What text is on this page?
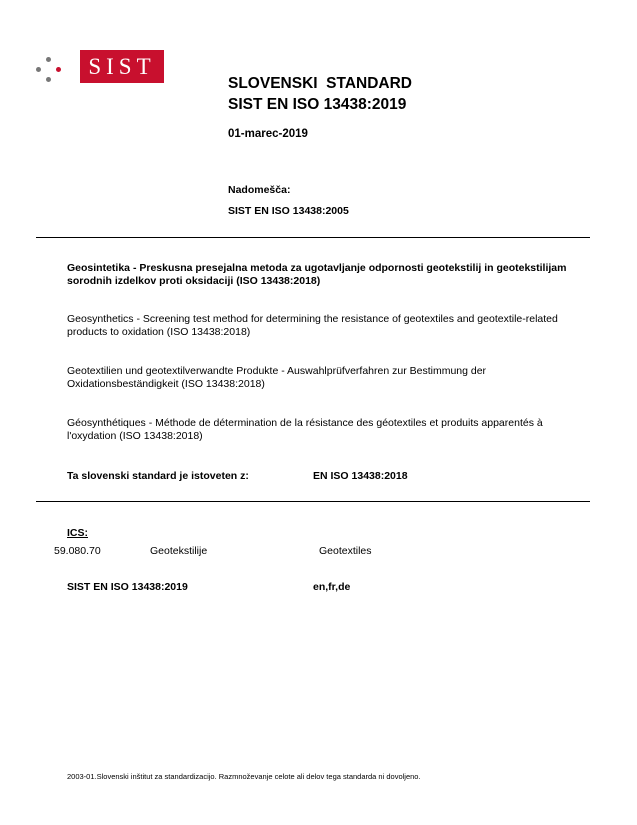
SIST
SLOVENSKI  STANDARD
SIST EN ISO 13438:2019
01-marec-2019
Nadomešča:
SIST EN ISO 13438:2005
Geosintetika - Preskusna presejalna metoda za ugotavljanje odpornosti geotekstilij in geotekstilijam sorodnih izdelkov proti oksidaciji (ISO 13438:2018)
Geosynthetics - Screening test method for determining the resistance of geotextiles and geotextile-related products to oxidation (ISO 13438:2018)
Geotextilien und geotextilverwandte Produkte - Auswahlprüfverfahren zur Bestimmung der Oxidationsbeständigkeit (ISO 13438:2018)
Géosynthétiques - Méthode de détermination de la résistance des géotextiles et produits apparentés à l'oxydation (ISO 13438:2018)
Ta slovenski standard je istoveten z:	EN ISO 13438:2018
ICS:
59.080.70	Geotekstilije	Geotextiles
SIST EN ISO 13438:2019	en,fr,de
2003-01.Slovenski inštitut za standardizacijo. Razmnoževanje celote ali delov tega standarda ni dovoljeno.
